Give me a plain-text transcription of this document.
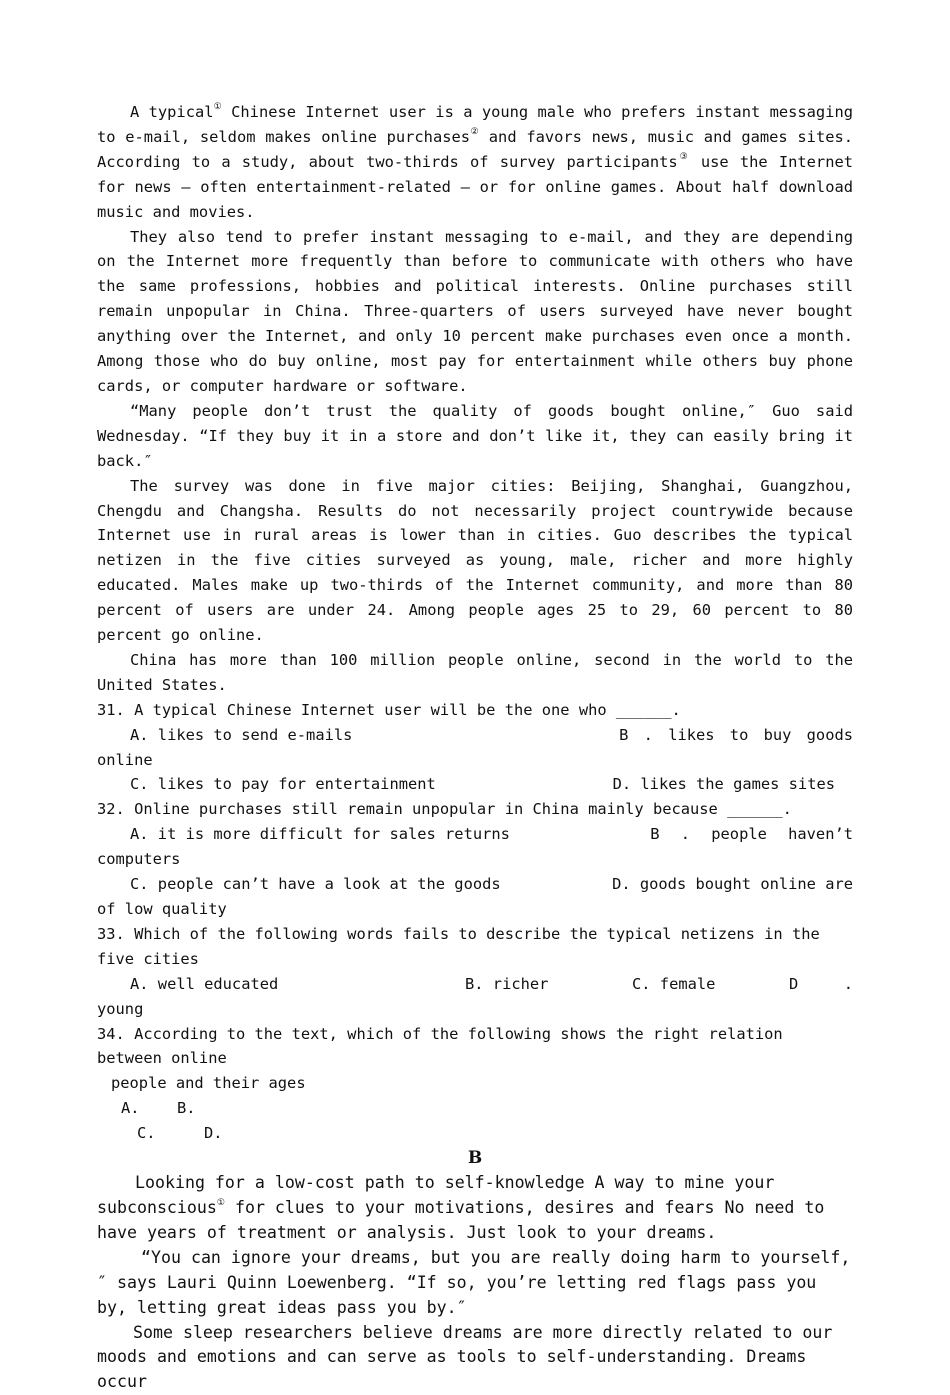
A typical① Chinese Internet user is a young male who prefers instant messaging to e-mail, seldom makes online purchases② and favors news, music and games sites. According to a study, about two-thirds of survey participants③ use the Internet for news — often entertainment-related — or for online games. About half download music and movies.

They also tend to prefer instant messaging to e-mail, and they are depending on the Internet more frequently than before to communicate with others who have the same professions, hobbies and political interests. Online purchases still remain unpopular in China. Three-quarters of users surveyed have never bought anything over the Internet, and only 10 percent make purchases even once a month. Among those who do buy online, most pay for entertainment while others buy phone cards, or computer hardware or software.

“Many people don’t trust the quality of goods bought online,″ Guo said Wednesday. “If they buy it in a store and don’t like it, they can easily bring it back.″

The survey was done in five major cities: Beijing, Shanghai, Guangzhou, Chengdu and Changsha. Results do not necessarily project countrywide because Internet use in rural areas is lower than in cities. Guo describes the typical netizen in the five cities surveyed as young, male, richer and more highly educated. Males make up two-thirds of the Internet community, and more than 80 percent of users are under 24. Among people ages 25 to 29, 60 percent to 80 percent go online.

China has more than 100 million people online, second in the world to the United States.

31. A typical Chinese Internet user will be the one who ______.

A. likes to send e-mails	B . likes to buy goods

online

C. likes to pay for entertainment	D. likes the games sites

32. Online purchases still remain unpopular in China mainly because ______.

A. it is more difficult for sales returns	B . people haven’t

computers

C. people can’t have a look at the goods	D. goods bought online are

of low quality

33. Which of the following words fails to describe the typical netizens in the five cities

A. well educated	B. richer	C. female	D .

young

34. According to the text, which of the following shows the right relation between online

people and their ages

A. B.

C.	D.

B

Looking for a low-cost path to self-knowledge A way to mine your subconscious① for clues to your motivations, desires and fears No need to have years of treatment or analysis. Just look to your dreams.

“You can ignore your dreams, but you are really doing harm to yourself,″ says Lauri Quinn Loewenberg. “If so, you’re letting red flags pass you by, letting great ideas pass you by.″

Some sleep researchers believe dreams are more directly related to our moods and emotions and can serve as tools to self-understanding. Dreams occur
